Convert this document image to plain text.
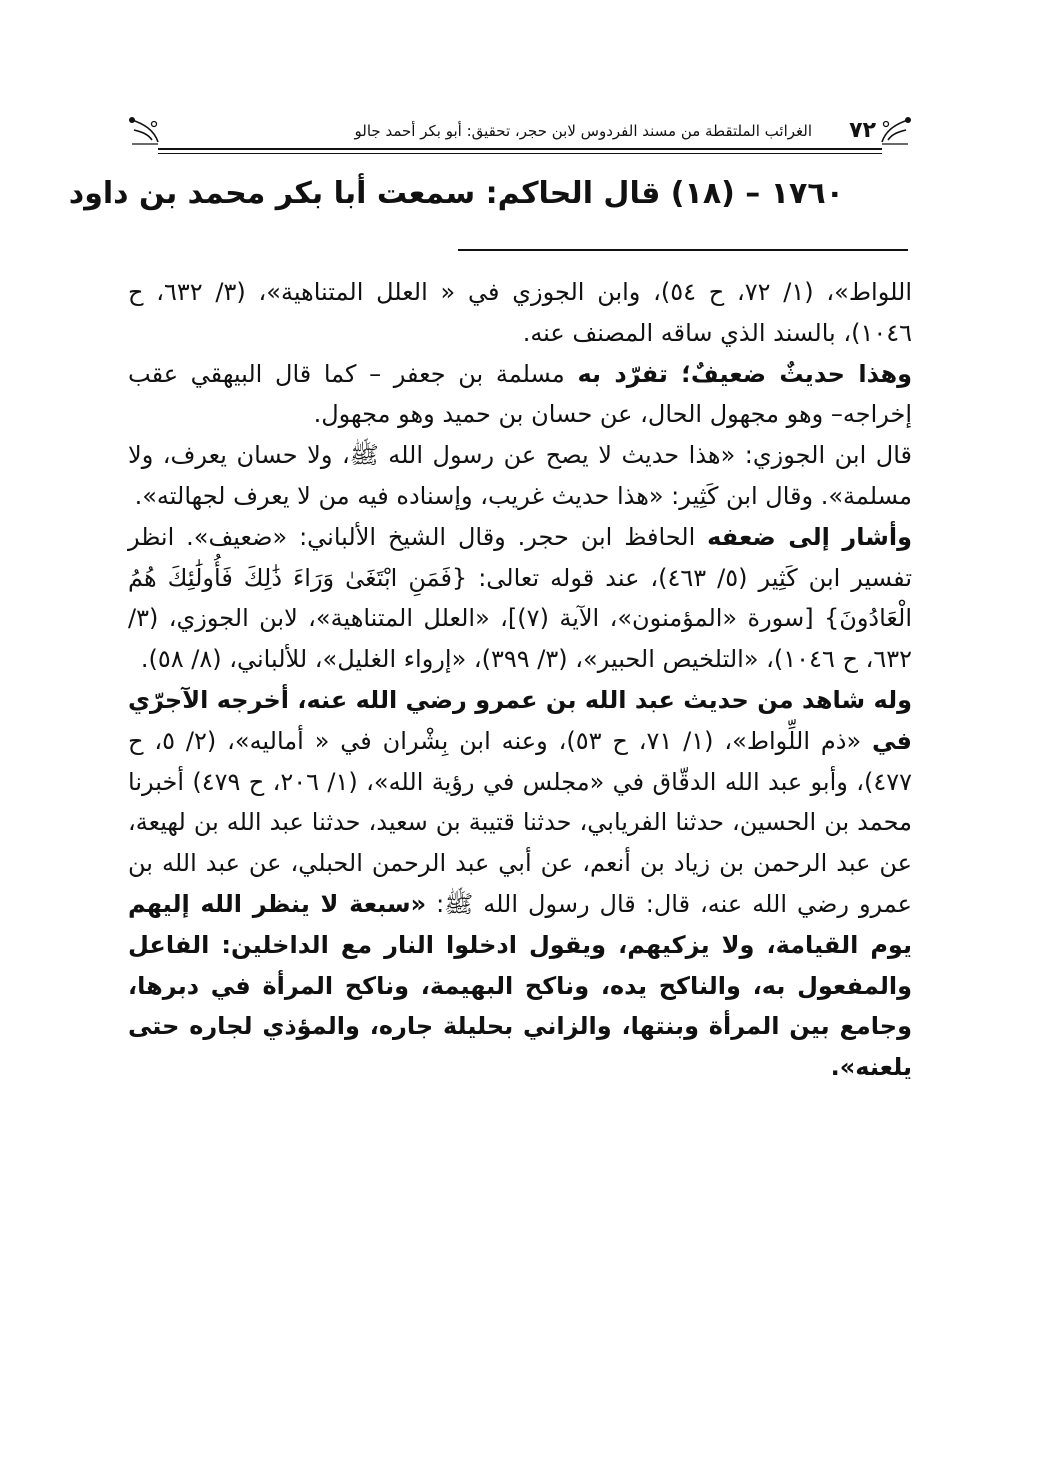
٧٢
الغرائب الملتقطة من مسند الفردوس لابن حجر، تحقيق: أبو بكر أحمد جالو
١٧٦٠ – (١٨) قال الحاكم: سمعت أبا بكر محمد بن داود

اللواط»، (١/ ٧٢، ح ٥٤)، وابن الجوزي في « العلل المتناهية»، (٣/ ٦٣٢، ح ١٠٤٦)، بالسند الذي ساقه المصنف عنه.

وهذا حديثٌ ضعيفٌ؛ تفرّد به مسلمة بن جعفر – كما قال البيهقي عقب إخراجه– وهو مجهول الحال، عن حسان بن حميد وهو مجهول.

قال ابن الجوزي: «هذا حديث لا يصح عن رسول الله ﷺ، ولا حسان يعرف، ولا مسلمة». وقال ابن كَثِير: «هذا حديث غريب، وإسناده فيه من لا يعرف لجهالته».

وأشار إلى ضعفه الحافظ ابن حجر. وقال الشيخ الألباني: «ضعيف». انظر تفسير ابن كَثِير (٥/ ٤٦٣)، عند قوله تعالى: {فَمَنِ ابْتَغَىٰ وَرَاءَ ذَٰلِكَ فَأُولَٰئِكَ هُمُ الْعَادُونَ} [سورة «المؤمنون»، الآية (٧)]، «العلل المتناهية»، لابن الجوزي، (٣/ ٦٣٢، ح ١٠٤٦)، «التلخيص الحبير»، (٣/ ٣٩٩)، «إرواء الغليل»، للألباني، (٨/ ٥٨).

وله شاهد من حديث عبد الله بن عمرو رضي الله عنه، أخرجه الآجرّي في «ذم اللِّواط»، (١/ ٧١، ح ٥٣)، وعنه ابن بِشْران في « أماليه»، (٢/ ٥، ح ٤٧٧)، وأبو عبد الله الدقّاق في «مجلس في رؤية الله»، (١/ ٢٠٦، ح ٤٧٩) أخبرنا محمد بن الحسين، حدثنا الفريابي، حدثنا قتيبة بن سعيد، حدثنا عبد الله بن لهيعة، عن عبد الرحمن بن زياد بن أنعم، عن أبي عبد الرحمن الحبلي، عن عبد الله بن عمرو رضي الله عنه، قال: قال رسول الله ﷺ: «سبعة لا ينظر الله إليهم يوم القيامة، ولا يزكيهم، ويقول ادخلوا النار مع الداخلين: الفاعل والمفعول به، والناكح يده، وناكح البهيمة، وناكح المرأة في دبرها، وجامع بين المرأة وبنتها، والزاني بحليلة جاره، والمؤذي لجاره حتى يلعنه».
